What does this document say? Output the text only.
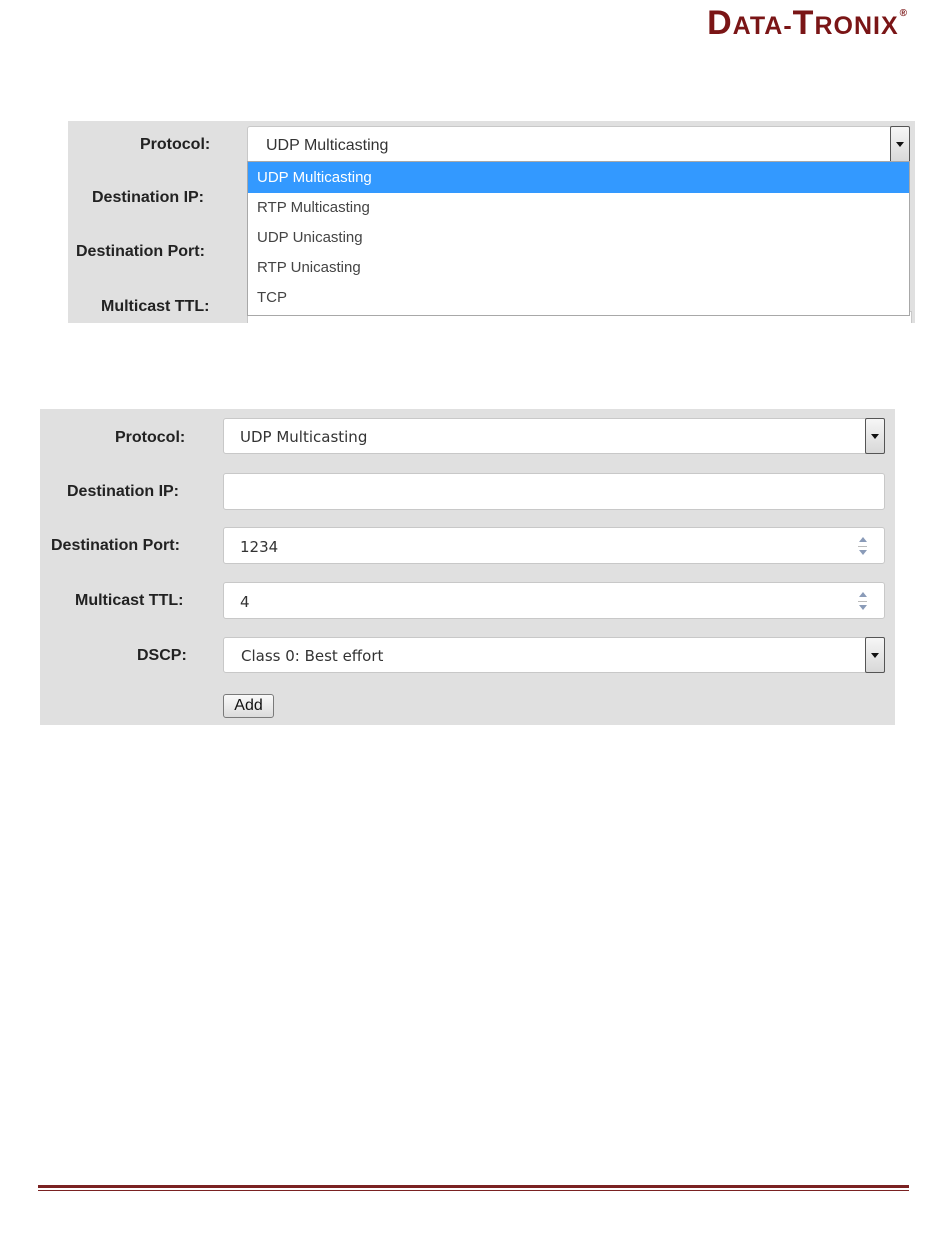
DATA-TRONIX®
Protocol:	UDP Multicasting
Destination IP:
Destination Port:
Multicast TTL:
UDP Multicasting
RTP Multicasting
UDP Unicasting
RTP Unicasting
TCP
Protocol:	UDP Multicasting
Destination IP:
Destination Port:	1234
Multicast TTL:	4
DSCP:	Class 0: Best effort
Add
